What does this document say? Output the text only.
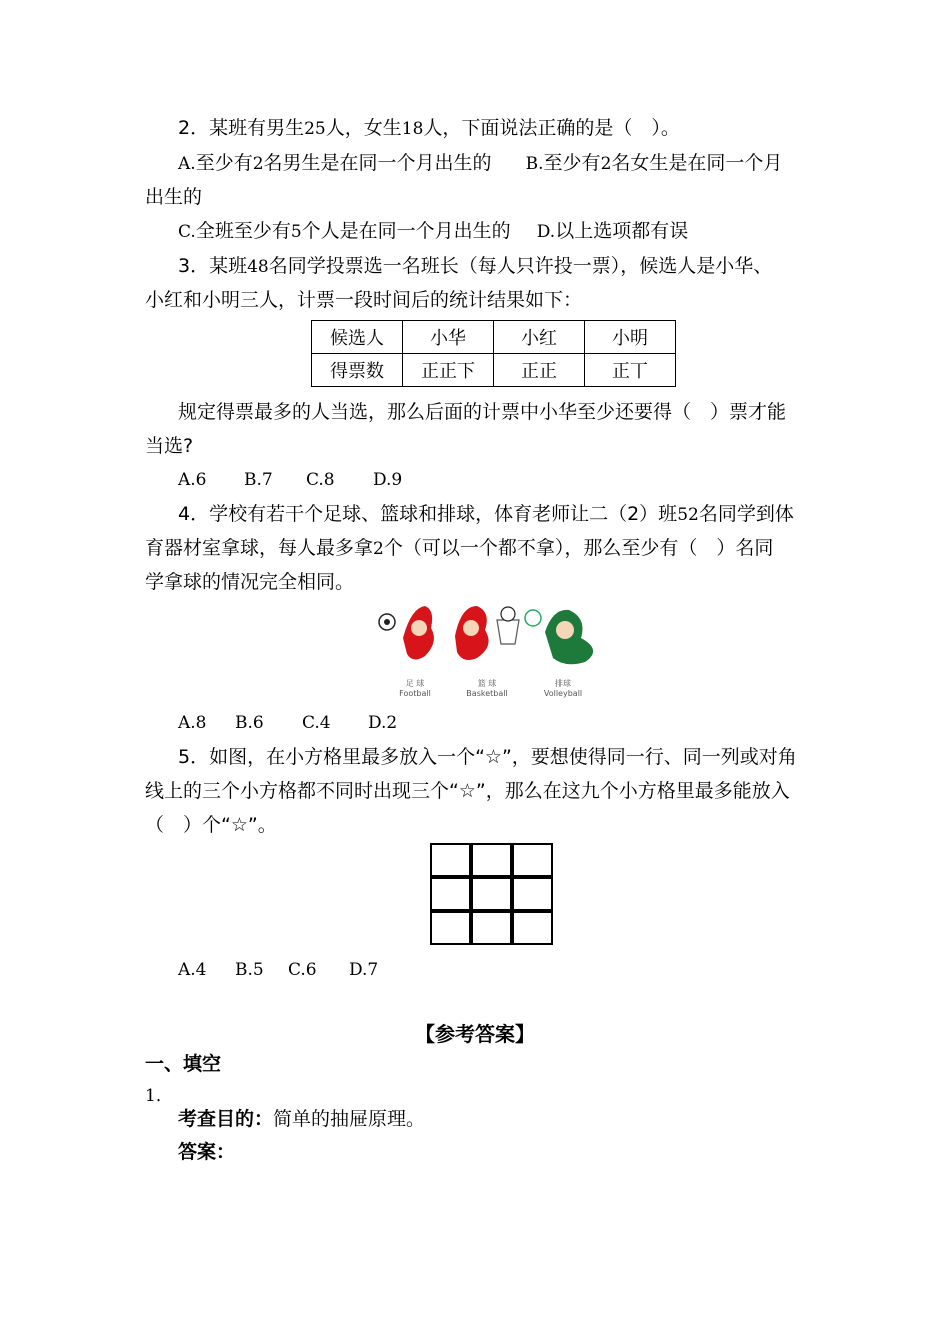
2．某班有男生25人，女生18人，下面说法正确的是（　）。
A.至少有2名男生是在同一个月出生的 B.至少有2名女生是在同一个月
出生的
C.全班至少有5个人是在同一个月出生的 D.以上选项都有误
3．某班48名同学投票选一名班长（每人只许投一票），候选人是小华、
小红和小明三人，计票一段时间后的统计结果如下：
候选人	小华	小红	小明
得票数	正正下	正正	正丅
规定得票最多的人当选，那么后面的计票中小华至少还要得（　）票才能
当选?
A.6 B.7 C.8 D.9
4．学校有若干个足球、篮球和排球，体育老师让二（2）班52名同学到体
育器材室拿球，每人最多拿2个（可以一个都不拿），那么至少有（　）名同
学拿球的情况完全相同。
足 球
Football
篮 球
Basketball
排球
Volleyball
A.8 B.6 C.4 D.2
5．如图，在小方格里最多放入一个“☆”，要想使得同一行、同一列或对角
线上的三个小方格都不同时出现三个“☆”，那么在这九个小方格里最多能放入
（　）个“☆”。
A.4 B.5 C.6 D.7
【参考答案】
一、填空
1．
考查目的：简单的抽屉原理。
答案：
